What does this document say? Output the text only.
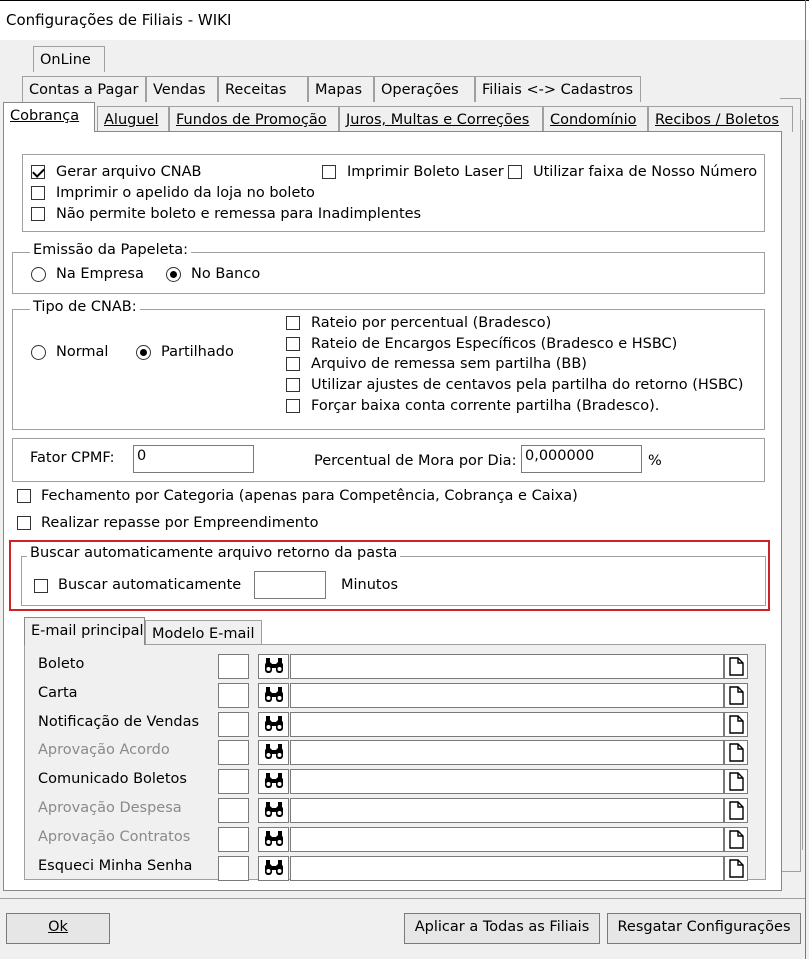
Configurações de Filiais - WIKI
OnLine
Contas a Pagar	Vendas	Receitas	Mapas	Operações	Filiais <-> Cadastros
Cobrança	Aluguel	Fundos de Promoção	Juros, Multas e Correções	Condomínio	Recibos / Boletos
Gerar arquivo CNAB	Imprimir Boleto Laser Utilizar faixa de Nosso Número
Imprimir o apelido da loja no boleto
Não permite boleto e remessa para Inadimplentes
Emissão da Papeleta:
Na Empresa	No Banco
Tipo de CNAB:
Normal	Partilhado
Rateio por percentual (Bradesco)
Rateio de Encargos Específicos (Bradesco e HSBC)
Arquivo de remessa sem partilha (BB)
Utilizar ajustes de centavos pela partilha do retorno (HSBC)
Forçar baixa conta corrente partilha (Bradesco).
Fator CPMF: 0	Percentual de Mora por Dia: 0,000000	%
Fechamento por Categoria (apenas para Competência, Cobrança e Caixa)
Realizar repasse por Empreendimento
Buscar automaticamente arquivo retorno da pasta
Buscar automaticamente	Minutos
E-mail principal Modelo E-mail
Boleto
Carta
Notificação de Vendas
Aprovação Acordo
Comunicado Boletos
Aprovação Despesa
Aprovação Contratos
Esqueci Minha Senha
Ok	Aplicar a Todas as Filiais	Resgatar Configurações
